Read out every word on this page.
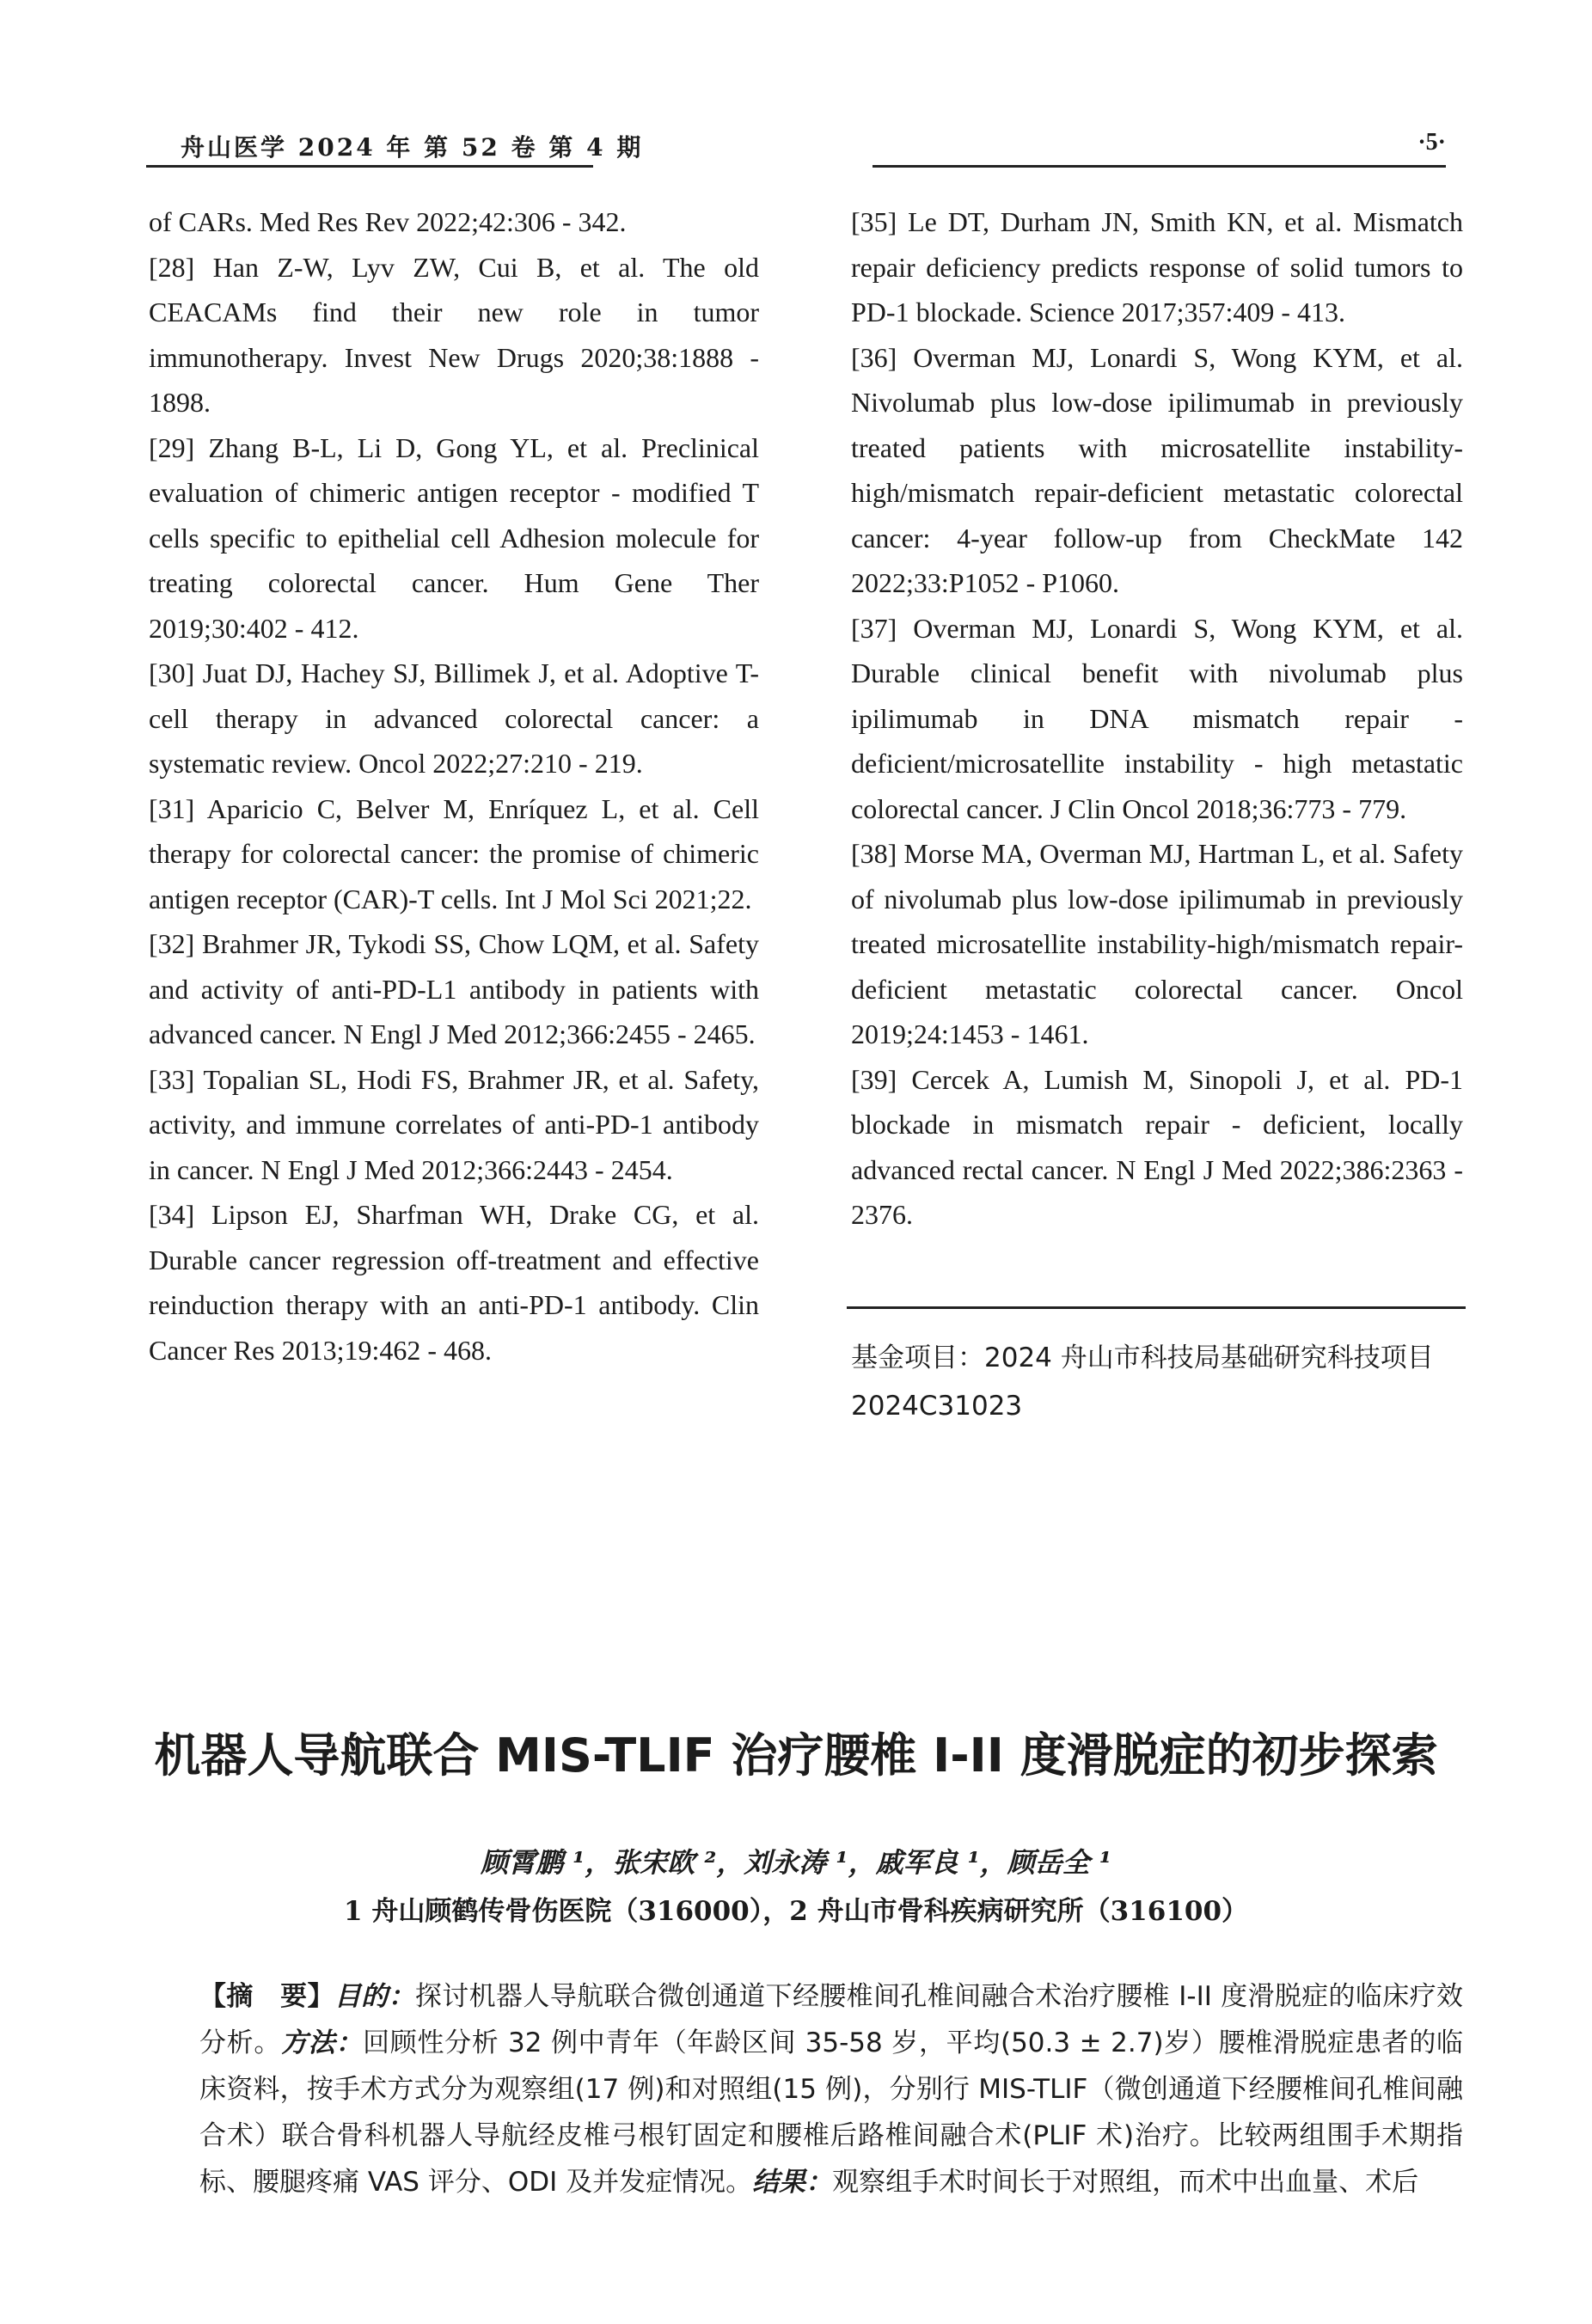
舟山医学 2024 年 第 52 卷 第 4 期	·5·

of CARs. Med Res Rev 2022;42:306 - 342.

[28] Han Z-W, Lyv ZW, Cui B, et al. The old CEACAMs find their new role in tumor immunotherapy. Invest New Drugs 2020;38:1888 - 1898.

[29] Zhang B-L, Li D, Gong YL, et al. Preclinical evaluation of chimeric antigen receptor - modified T cells specific to epithelial cell Adhesion molecule for treating colorectal cancer. Hum Gene Ther 2019;30:402 - 412.

[30] Juat DJ, Hachey SJ, Billimek J, et al. Adoptive T-cell therapy in advanced colorectal cancer: a systematic review. Oncol 2022;27:210 - 219.

[31] Aparicio C, Belver M, Enríquez L, et al. Cell therapy for colorectal cancer: the promise of chimeric antigen receptor (CAR)-T cells. Int J Mol Sci 2021;22.

[32] Brahmer JR, Tykodi SS, Chow LQM, et al. Safety and activity of anti-PD-L1 antibody in patients with advanced cancer. N Engl J Med 2012;366:2455 - 2465.

[33] Topalian SL, Hodi FS, Brahmer JR, et al. Safety, activity, and immune correlates of anti-PD-1 antibody in cancer. N Engl J Med 2012;366:2443 - 2454.

[34] Lipson EJ, Sharfman WH, Drake CG, et al. Durable cancer regression off-treatment and effective reinduction therapy with an anti-PD-1 antibody. Clin Cancer Res 2013;19:462 - 468.

[35] Le DT, Durham JN, Smith KN, et al. Mismatch repair deficiency predicts response of solid tumors to PD-1 blockade. Science 2017;357:409 - 413.

[36] Overman MJ, Lonardi S, Wong KYM, et al. Nivolumab plus low-dose ipilimumab in previously treated patients with microsatellite instability-high/mismatch repair-deficient metastatic colorectal cancer: 4-year follow-up from CheckMate 142 2022;33:P1052 - P1060.

[37] Overman MJ, Lonardi S, Wong KYM, et al. Durable clinical benefit with nivolumab plus ipilimumab in DNA mismatch repair - deficient/microsatellite instability - high metastatic colorectal cancer. J Clin Oncol 2018;36:773 - 779.

[38] Morse MA, Overman MJ, Hartman L, et al. Safety of nivolumab plus low-dose ipilimumab in previously treated microsatellite instability-high/mismatch repair-deficient metastatic colorectal cancer. Oncol 2019;24:1453 - 1461.

[39] Cercek A, Lumish M, Sinopoli J, et al. PD-1 blockade in mismatch repair - deficient, locally advanced rectal cancer. N Engl J Med 2022;386:2363 - 2376.

基金项目：2024 舟山市科技局基础研究科技项目
2024C31023
机器人导航联合 MIS-TLIF 治疗腰椎 I-II 度滑脱症的初步探索
顾霄鹏 ¹，张宋欧 ²，刘永涛 ¹，戚军良 ¹，顾岳全 ¹
1 舟山顾鹤传骨伤医院（316000），2 舟山市骨科疾病研究所（316100）
【摘　要】目的：探讨机器人导航联合微创通道下经腰椎间孔椎间融合术治疗腰椎 I-II 度滑脱症的临床疗效分析。方法：回顾性分析 32 例中青年（年龄区间 35-58 岁，平均(50.3 ± 2.7)岁）腰椎滑脱症患者的临床资料，按手术方式分为观察组(17 例)和对照组(15 例)，分别行 MIS-TLIF（微创通道下经腰椎间孔椎间融合术）联合骨科机器人导航经皮椎弓根钉固定和腰椎后路椎间融合术(PLIF 术)治疗。比较两组围手术期指标、腰腿疼痛 VAS 评分、ODI 及并发症情况。结果：观察组手术时间长于对照组，而术中出血量、术后
